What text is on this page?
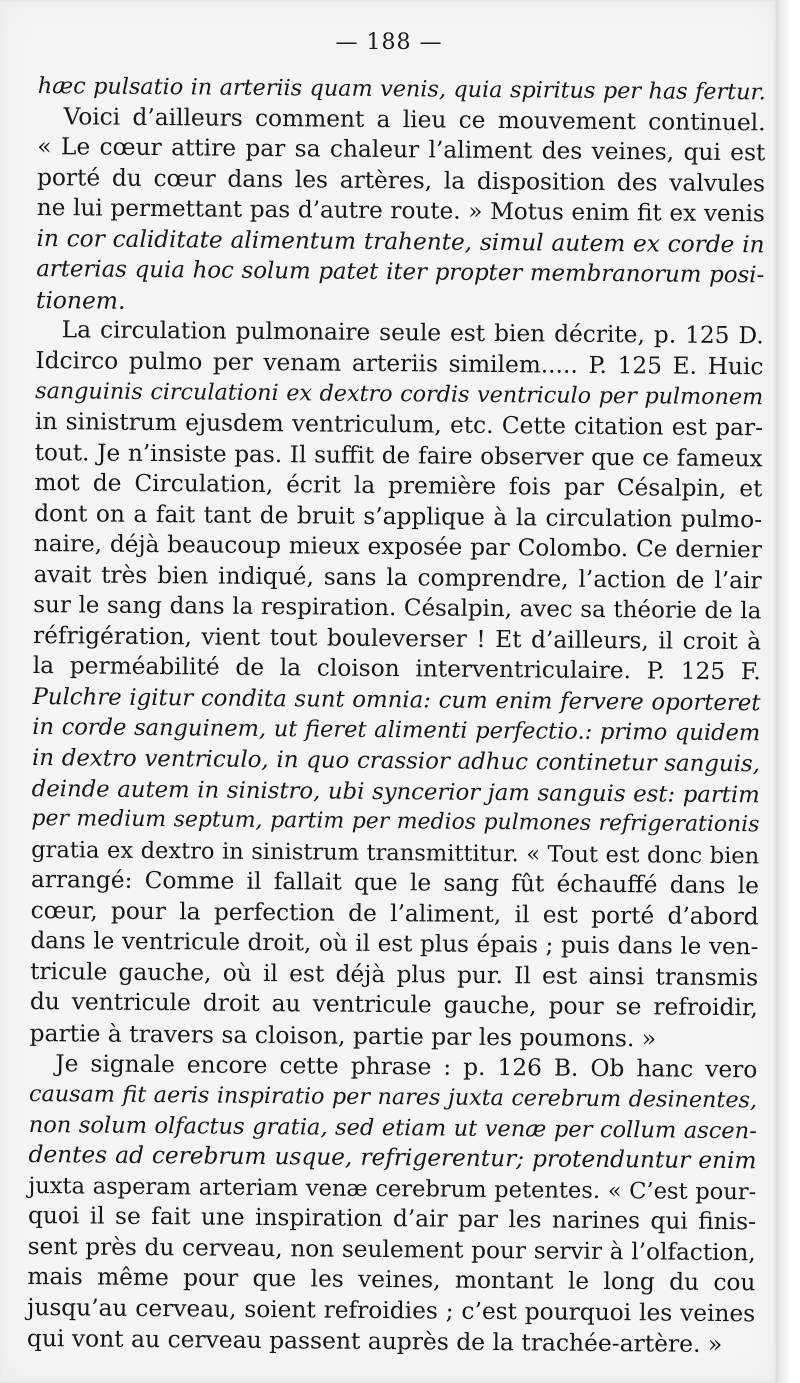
— 188 —
hæc pulsatio in arteriis quam venis, quia spiritus per has fertur.
Voici d’ailleurs comment a lieu ce mouvement continuel.
« Le cœur attire par sa chaleur l’aliment des veines, qui est
porté du cœur dans les artères, la disposition des valvules
ne lui permettant pas d’autre route. » Motus enim fit ex venis
in cor caliditate alimentum trahente, simul autem ex corde in
arterias quia hoc solum patet iter propter membranorum posi-
tionem.
La circulation pulmonaire seule est bien décrite, p. 125 D.
Idcirco pulmo per venam arteriis similem..... P. 125 E. Huic
sanguinis circulationi ex dextro cordis ventriculo per pulmonem
in sinistrum ejusdem ventriculum, etc. Cette citation est par-
tout. Je n’insiste pas. Il suffit de faire observer que ce fameux
mot de Circulation, écrit la première fois par Césalpin, et
dont on a fait tant de bruit s’applique à la circulation pulmo-
naire, déjà beaucoup mieux exposée par Colombo. Ce dernier
avait très bien indiqué, sans la comprendre, l’action de l’air
sur le sang dans la respiration. Césalpin, avec sa théorie de la
réfrigération, vient tout bouleverser ! Et d’ailleurs, il croit à
la perméabilité de la cloison interventriculaire. P. 125 F.
Pulchre igitur condita sunt omnia: cum enim fervere oporteret
in corde sanguinem, ut fieret alimenti perfectio.: primo quidem
in dextro ventriculo, in quo crassior adhuc continetur sanguis,
deinde autem in sinistro, ubi syncerior jam sanguis est: partim
per medium septum, partim per medios pulmones refrigerationis
gratia ex dextro in sinistrum transmittitur. « Tout est donc bien
arrangé: Comme il fallait que le sang fût échauffé dans le
cœur, pour la perfection de l’aliment, il est porté d’abord
dans le ventricule droit, où il est plus épais ; puis dans le ven-
tricule gauche, où il est déjà plus pur. Il est ainsi transmis
du ventricule droit au ventricule gauche, pour se refroidir,
partie à travers sa cloison, partie par les poumons. »
Je signale encore cette phrase : p. 126 B. Ob hanc vero
causam fit aeris inspiratio per nares juxta cerebrum desinentes,
non solum olfactus gratia, sed etiam ut venæ per collum ascen-
dentes ad cerebrum usque, refrigerentur; protenduntur enim
juxta asperam arteriam venæ cerebrum petentes. « C’est pour-
quoi il se fait une inspiration d’air par les narines qui finis-
sent près du cerveau, non seulement pour servir à l’olfaction,
mais même pour que les veines, montant le long du cou
jusqu’au cerveau, soient refroidies ; c’est pourquoi les veines
qui vont au cerveau passent auprès de la trachée-artère. »
